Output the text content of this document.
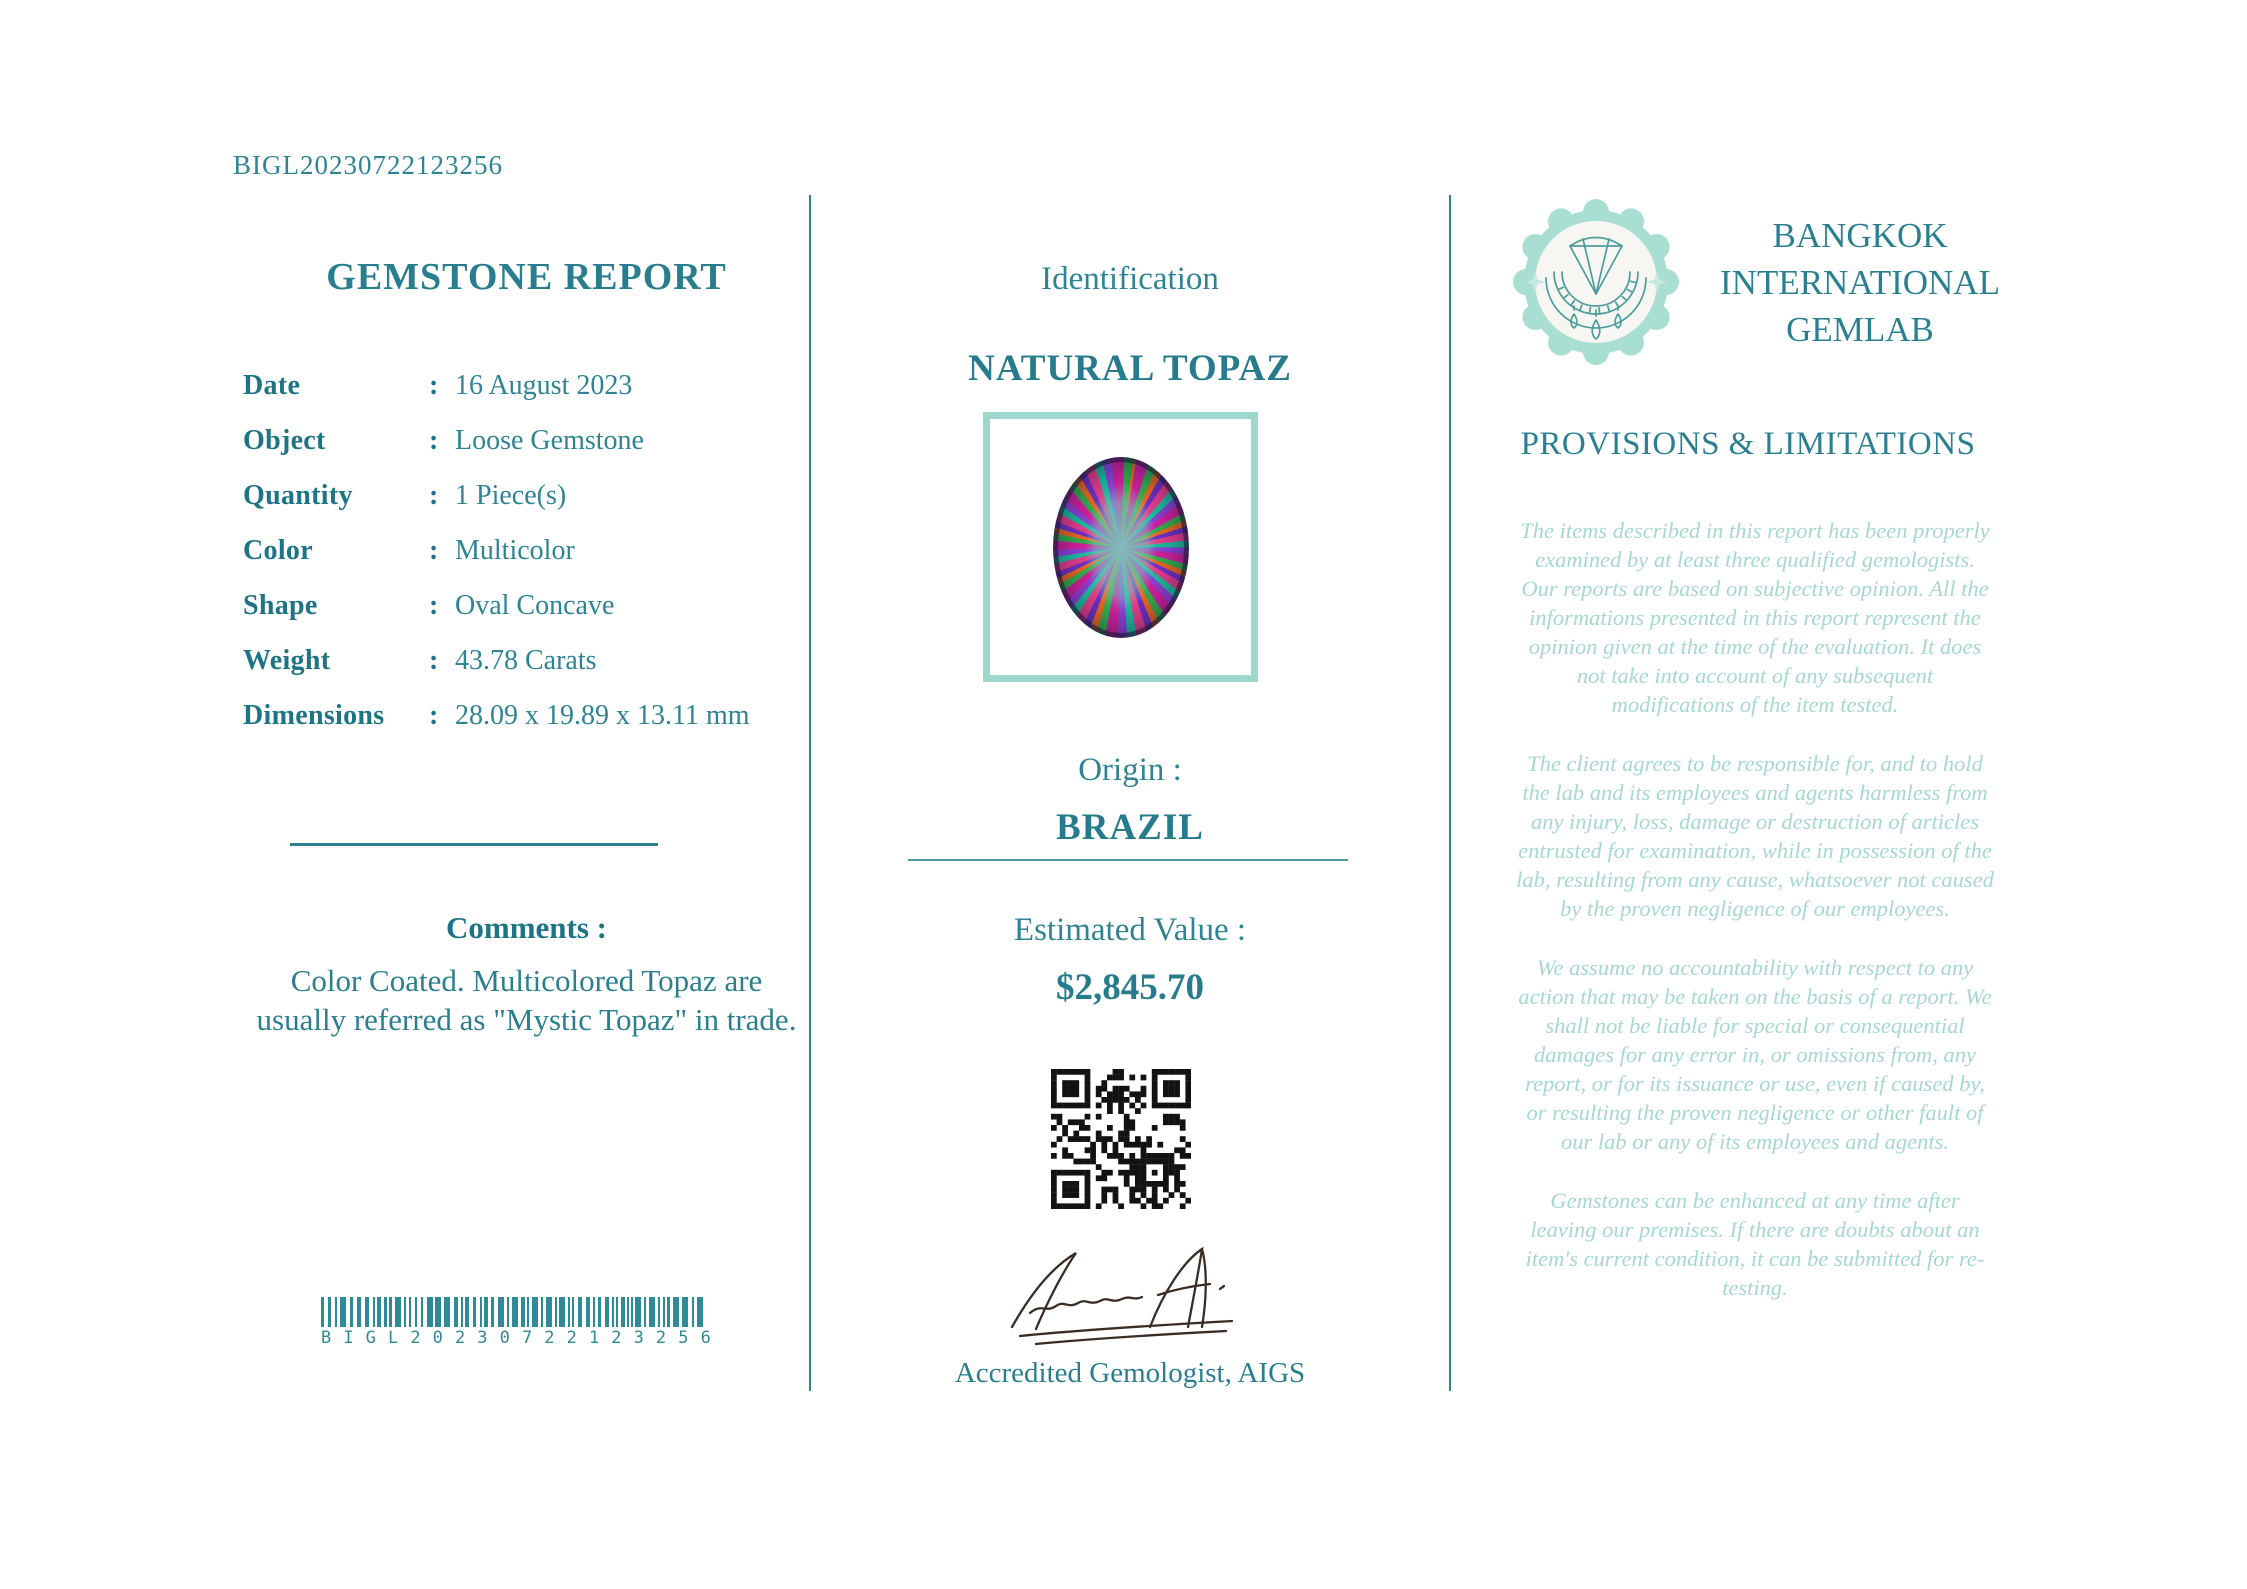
BIGL20230722123256
GEMSTONE REPORT
Date	: 16 August 2023
Object	: Loose Gemstone
Quantity	: 1 Piece(s)
Color	: Multicolor
Shape	: Oval Concave
Weight	: 43.78 Carats
Dimensions	: 28.09 x 19.89 x 13.11 mm
Comments :
Color Coated. Multicolored Topaz are usually referred as "Mystic Topaz" in trade.
B I G L 2 0 2 3 0 7 2 2 1 2 3 2 5 6
Identification
NATURAL TOPAZ
Origin :
BRAZIL
Estimated Value :
$2,845.70
Accredited Gemologist, AIGS
BANGKOK INTERNATIONAL GEMLAB
PROVISIONS & LIMITATIONS

The items described in this report has been properly examined by at least three qualified gemologists. Our reports are based on subjective opinion. All the informations presented in this report represent the opinion given at the time of the evaluation. It does not take into account of any subsequent modifications of the item tested.

The client agrees to be responsible for, and to hold the lab and its employees and agents harmless from any injury, loss, damage or destruction of articles entrusted for examination, while in possession of the lab, resulting from any cause, whatsoever not caused by the proven negligence of our employees.

We assume no accountability with respect to any action that may be taken on the basis of a report. We shall not be liable for special or consequential damages for any error in, or omissions from, any report, or for its issuance or use, even if caused by, or resulting the proven negligence or other fault of our lab or any of its employees and agents.

Gemstones can be enhanced at any time after leaving our premises. If there are doubts about an item's current condition, it can be submitted for re-testing.
